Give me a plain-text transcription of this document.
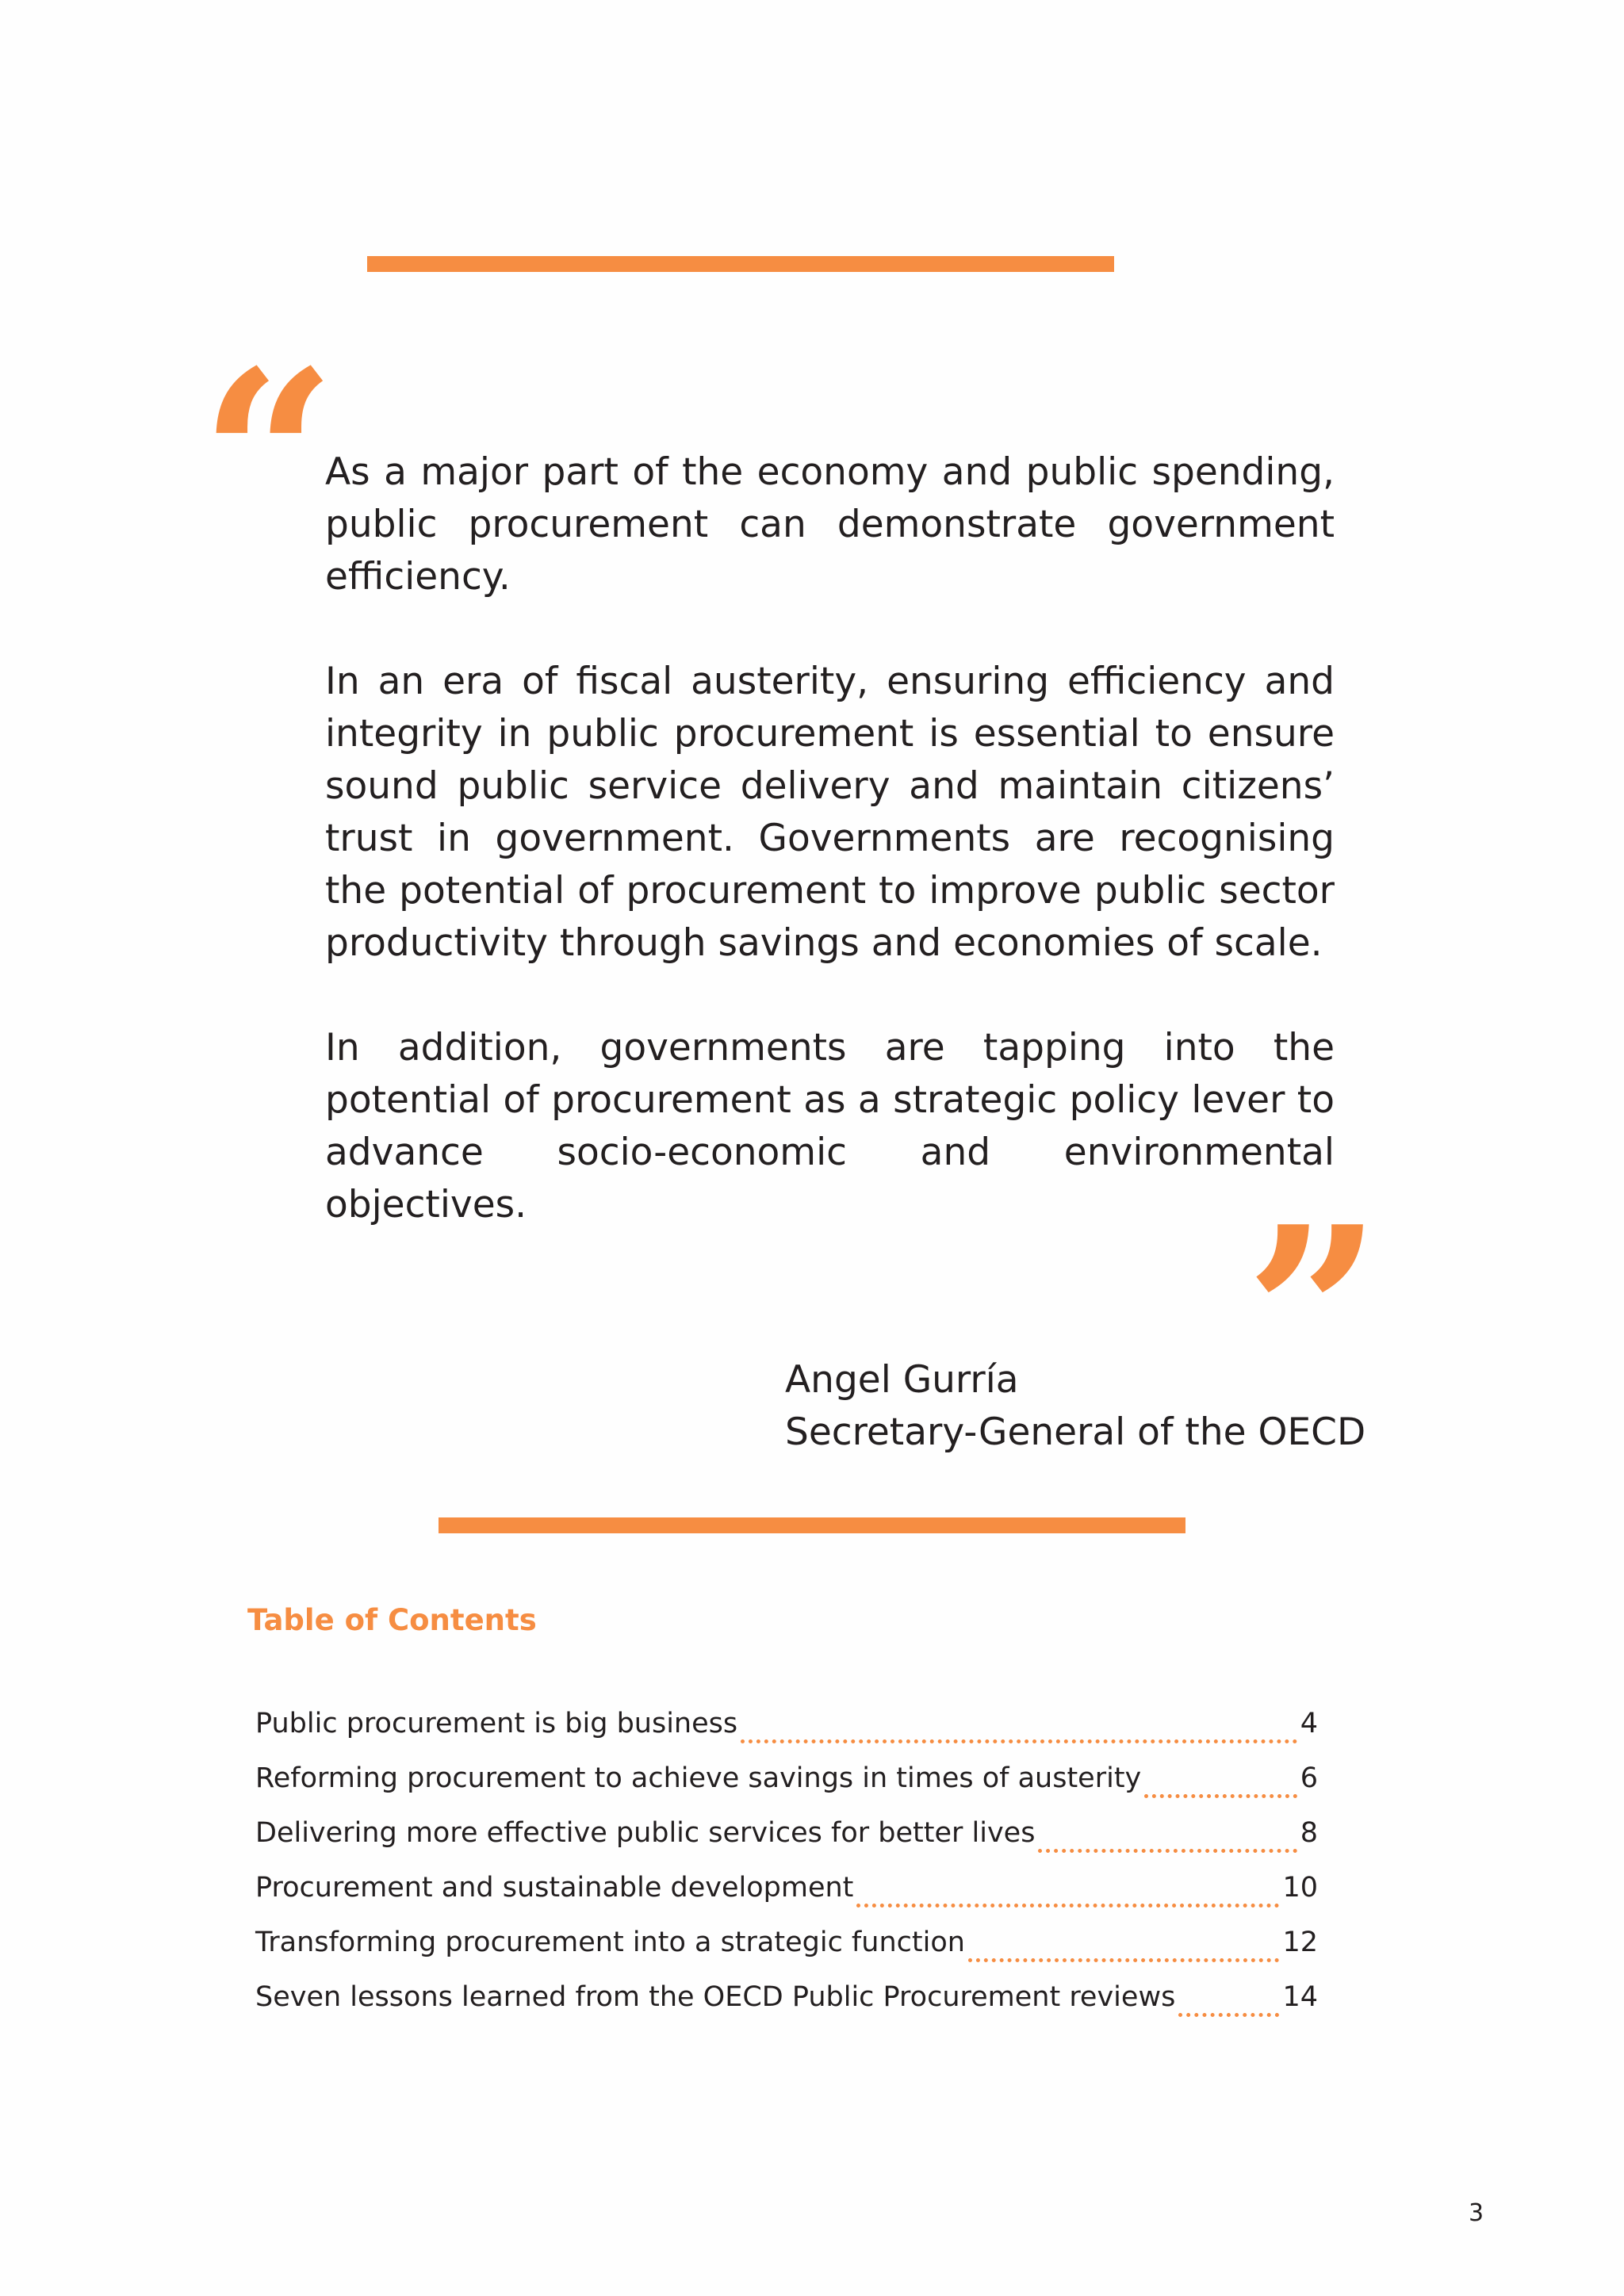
“

As a major part of the economy and public spending, public procurement can demonstrate government efficiency.

In an era of fiscal austerity, ensuring efficiency and integrity in public procurement is essential to ensure sound public service delivery and maintain citizens’ trust in government. Governments are recognising the potential of procurement to improve public sector productivity through savings and economies of scale.

In addition, governments are tapping into the potential of procurement as a strategic policy lever to advance socio-economic and environmental objectives.	”
Angel Gurría
Secretary-General of the OECD
Table of Contents
Public procurement is big business	4
Reforming procurement to achieve savings in times of austerity	6
Delivering more effective public services for better lives	8
Procurement and sustainable development	10
Transforming procurement into a strategic function	12
Seven lessons learned from the OECD Public Procurement reviews	14
3
